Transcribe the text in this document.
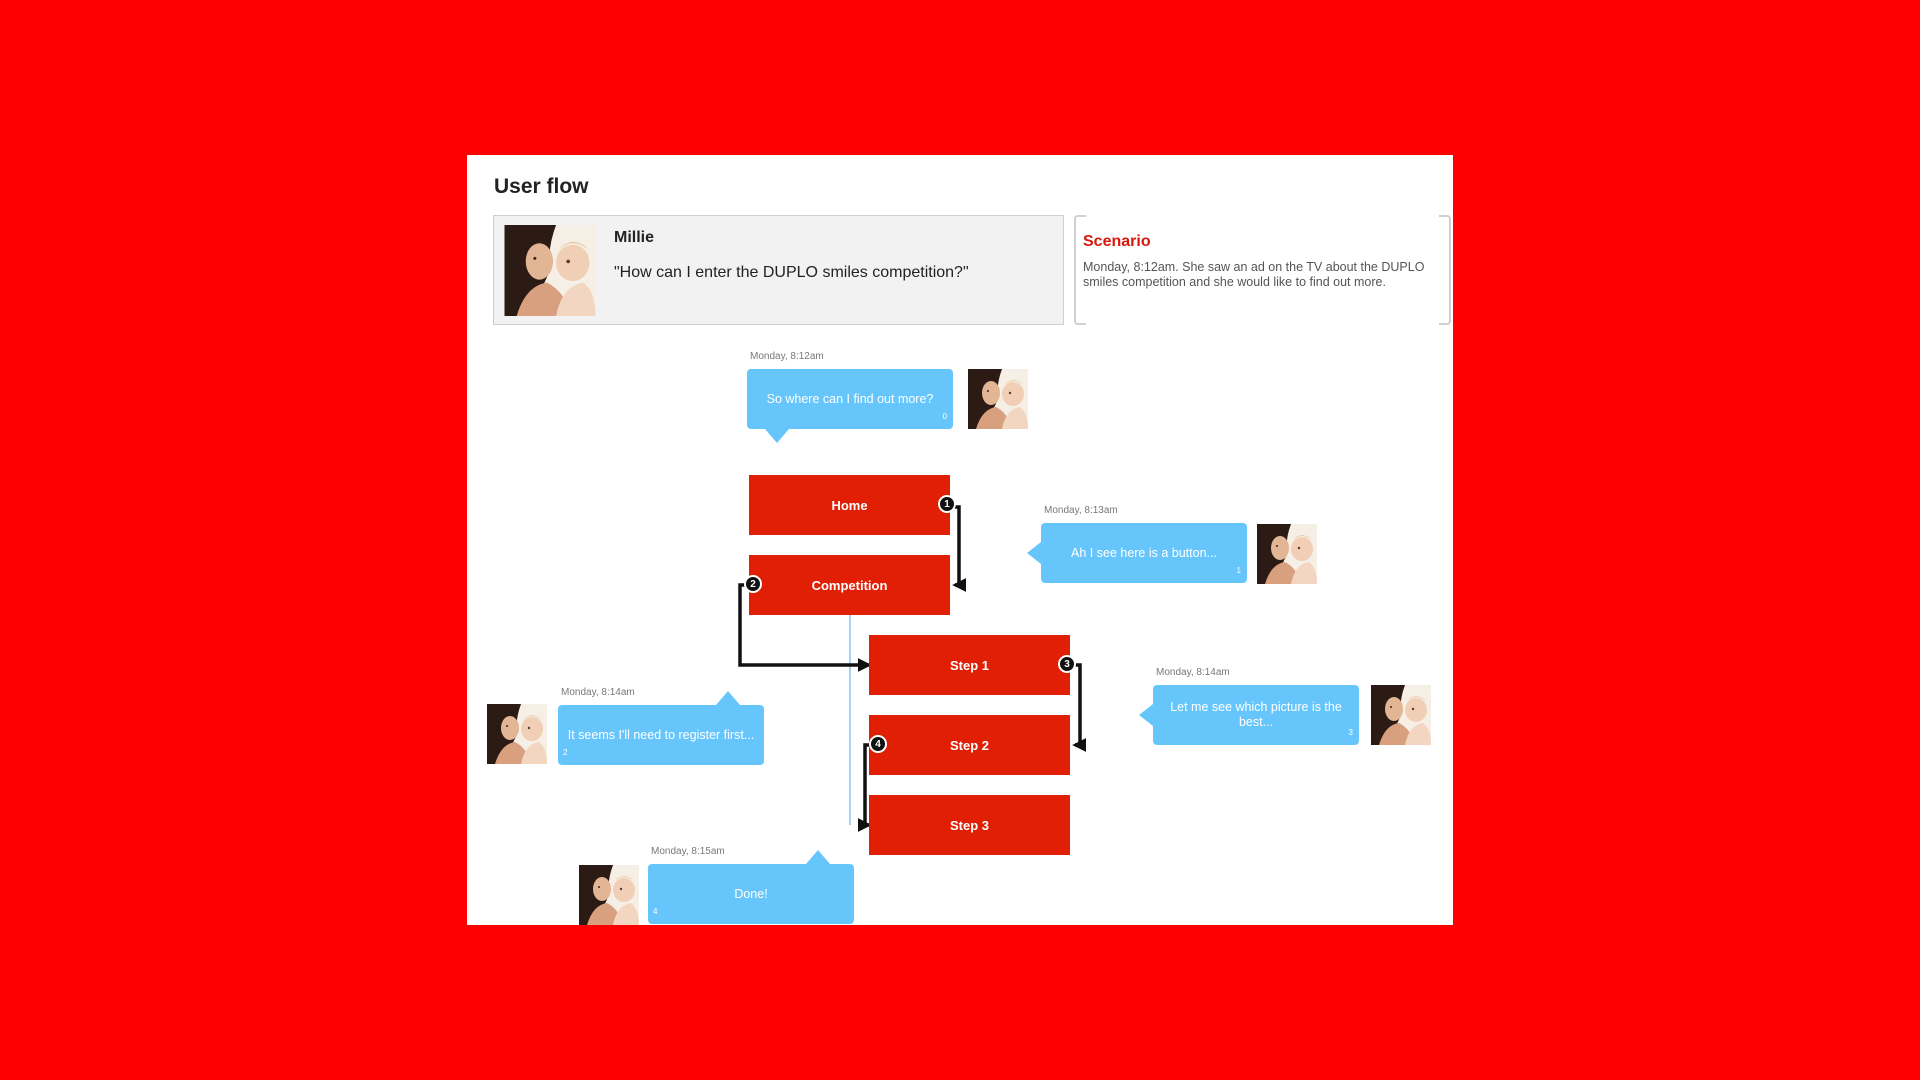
User flow
Millie
"How can I enter the DUPLO smiles competition?"
Scenario
Monday, 8:12am. She saw an ad on the TV about the DUPLO smiles competition and she would like to find out more.
Home
Competition
Step 1
Step 2
Step 3
1
2
3
4
Monday, 8:12am
So where can I find out more?
0
Monday, 8:13am
Ah I see here is a button...
1
Monday, 8:14am
It seems I'll need to register first...
2
Monday, 8:14am
Let me see which picture is the best...
3
Monday, 8:15am
Done!
4
